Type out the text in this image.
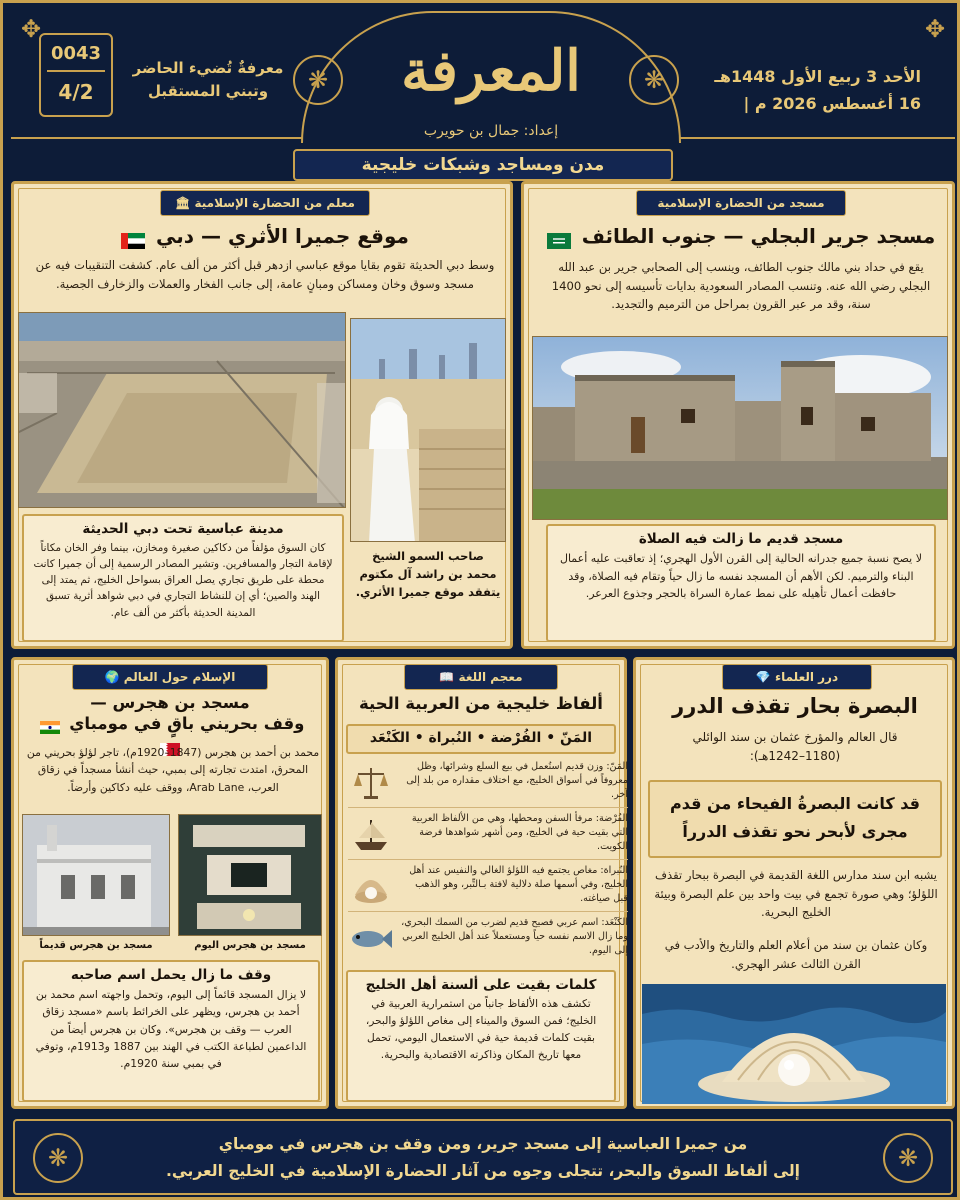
✥	✥
❋	❋
المعرفة
إعداد: جمال بن حويرب
0043
4/2
معرفةٌ تُضيء الحاضر
وتبني المستقبل
الأحد 3 ربيع الأول 1448هـ
16 أغسطس 2026 م |
مدن ومساجد وشبكات خليجية
مسجد من الحضارة الإسلامية
مسجد جرير البجلي — جنوب الطائف
يقع في حداد بني مالك جنوب الطائف، وينسب إلى الصحابي جرير بن عبد الله البجلي رضي الله عنه. وتنسب المصادر السعودية بدايات تأسيسه إلى نحو 1400 سنة، وقد مر عبر القرون بمراحل من الترميم والتجديد.
مسجد قديم ما زالت فيه الصلاة
لا يصح نسبة جميع جدرانه الحالية إلى القرن الأول الهجري؛ إذ تعاقبت عليه أعمال البناء والترميم. لكن الأهم أن المسجد نفسه ما زال حياً وتقام فيه الصلاة، وقد حافظت أعمال تأهيله على نمط عمارة السراة بالحجر وجذوع العرعر.
معلم من الحضارة الإسلامية 🏛
موقع جميرا الأثري — دبي
وسط دبي الحديثة تقوم بقايا موقع عباسي ازدهر قبل أكثر من ألف عام. كشفت التنقيبات فيه عن مسجد وسوق وخان ومساكن ومبانٍ عامة، إلى جانب الفخار والعملات والزخارف الجصية.
صاحب السمو الشيخ
محمد بن راشد آل مكتوم
يتفقد موقع جميرا الأثري.
مدينة عباسية تحت دبي الحديثة
كان السوق مؤلفاً من دكاكين صغيرة ومخازن، بينما وفر الخان مكاناً لإقامة التجار والمسافرين. وتشير المصادر الرسمية إلى أن جميرا كانت محطة على طريق تجاري يصل العراق بسواحل الخليج، ثم يمتد إلى الهند والصين؛ أي إن للنشاط التجاري في دبي شواهد أثرية تسبق المدينة الحديثة بأكثر من ألف عام.
درر العلماء 💎
البصرة بحار تقذف الدرر
قال العالم والمؤرخ عثمان بن سند الوائلي
(1180–1242هـ):
قد كانت البصرةُ الفيحاء من قدم
مجرى لأبحر نحو تقذف الدرراً
يشبه ابن سند مدارس اللغة القديمة في البصرة ببحار تقذف اللؤلؤ؛ وهي صورة تجمع في بيت واحد بين علم البصرة وبيئة الخليج البحرية.
وكان عثمان بن سند من أعلام العلم والتاريخ والأدب في القرن الثالث عشر الهجري.
معجم اللغة 📖
ألفاظ خليجية من العربية الحية
المَنّ • الفُرْضة • النُبراة • الكَنْعَد
المَنّ: وزن قديم استُعمل في بيع السلع وشرائها، وظل معروفاً في أسواق الخليج، مع اختلاف مقداره من بلد إلى آخر.
الفُرْضة: مرفأ السفن ومحطها، وهي من الألفاظ العربية التي بقيت حية في الخليج، ومن أشهر شواهدها فرضة الكويت.
النُبراة: مغاص يجتمع فيه اللؤلؤ الغالي والنفيس عند أهل الخليج، وفي أسمها صلة دلالية لافتة بـالتِّبر، وهو الذهب قبل صياغته.
الكَنْعَد: اسم عربي فصيح قديم لضرب من السمك البحري، وما زال الاسم نفسه حياً ومستعملاً عند أهل الخليج العربي إلى اليوم.
كلمات بقيت على ألسنة أهل الخليج
تكشف هذه الألفاظ جانباً من استمرارية العربية في الخليج؛ فمن السوق والميناء إلى مغاص اللؤلؤ والبحر، بقيت كلمات قديمة حية في الاستعمال اليومي، تحمل معها تاريخ المكان وذاكرته الاقتصادية والبحرية.
الإسلام حول العالم 🌍
مسجد بن هجرس —
وقف بحريني باقٍ في مومباي
محمد بن أحمد بن هجرس (1847–1920م)، تاجر لؤلؤ بحريني من المحرق، امتدت تجارته إلى بمبي، حيث أنشأ مسجداً في زقاق العرب، Arab Lane، ووقف عليه دكاكين وأرضاً.
مسجد بن هجرس قديماً	مسجد بن هجرس اليوم
وقف ما زال يحمل اسم صاحبه
لا يزال المسجد قائماً إلى اليوم، وتحمل واجهته اسم محمد بن أحمد بن هجرس، ويظهر على الخرائط باسم «مسجد زقاق العرب — وقف بن هجرس». وكان بن هجرس أيضاً من الداعمين لطباعة الكتب في الهند بين 1887 و1913م، وتوفي في بمبي سنة 1920م.
❋	❋
من جميرا العباسية إلى مسجد جرير، ومن وقف بن هجرس في مومباي
إلى ألفاظ السوق والبحر، تتجلى وجوه من آثار الحضارة الإسلامية في الخليج العربي.
